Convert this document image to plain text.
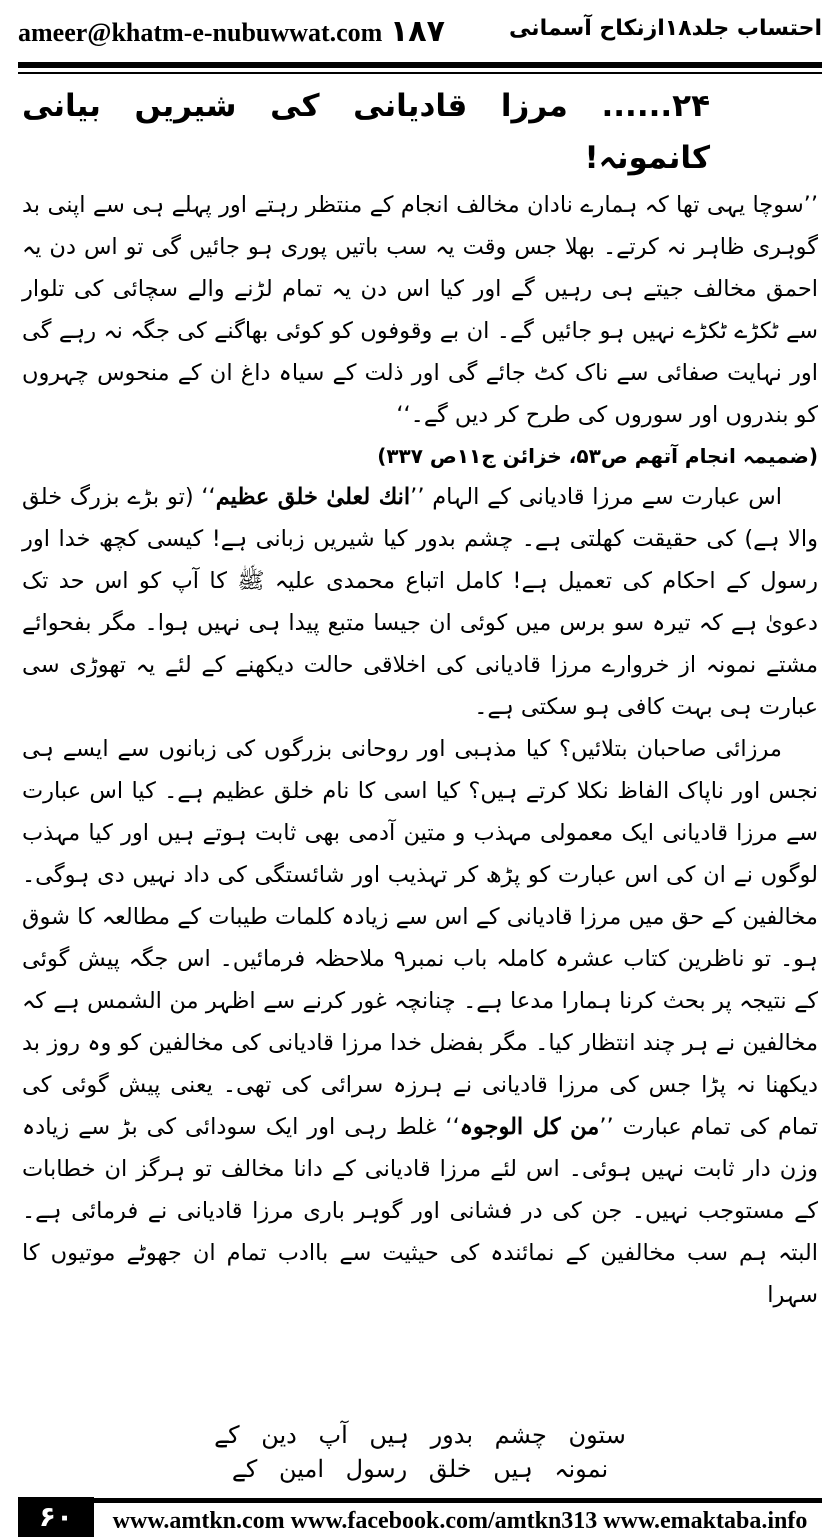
ameer@khatm-e-nubuwwat.com ۱۸۷	احتساب جلد۱۸ازنکاح آسمانی

۲۴...... مرزا قادیانی کی شیریں بیانی کانمونہ!

’’سوچا یہی تھا کہ ہمارے نادان مخالف انجام کے منتظر رہتے اور پہلے ہی سے اپنی بد گوہری ظاہر نہ کرتے۔ بھلا جس وقت یہ سب باتیں پوری ہو جائیں گی تو اس دن یہ احمق مخالف جیتے ہی رہیں گے اور کیا اس دن یہ تمام لڑنے والے سچائی کی تلوار سے ٹکڑے ٹکڑے نہیں ہو جائیں گے۔ ان بے وقوفوں کو کوئی بھاگنے کی جگہ نہ رہے گی اور نہایت صفائی سے ناک کٹ جائے گی اور ذلت کے سیاہ داغ ان کے منحوس چہروں کو بندروں اور سوروں کی طرح کر دیں گے۔‘‘

(ضمیمہ انجام آتھم ص۵۳، خزائن ج۱۱ص ۳۳۷)

اس عبارت سے مرزا قادیانی کے الہام ’’انك لعلیٰ خلق عظیم‘‘ (تو بڑے بزرگ خلق والا ہے) کی حقیقت کھلتی ہے۔ چشم بدور کیا شیریں زبانی ہے! کیسی کچھ خدا اور رسول کے احکام کی تعمیل ہے! کامل اتباع محمدی علیہ ﷺ کا آپ کو اس حد تک دعویٰ ہے کہ تیرہ سو برس میں کوئی ان جیسا متبع پیدا ہی نہیں ہوا۔ مگر بفحوائے مشتے نمونہ از خروارے مرزا قادیانی کی اخلاقی حالت دیکھنے کے لئے یہ تھوڑی سی عبارت ہی بہت کافی ہو سکتی ہے۔

مرزائی صاحبان بتلائیں؟ کیا مذہبی اور روحانی بزرگوں کی زبانوں سے ایسے ہی نجس اور ناپاک الفاظ نکلا کرتے ہیں؟ کیا اسی کا نام خلق عظیم ہے۔ کیا اس عبارت سے مرزا قادیانی ایک معمولی مہذب و متین آدمی بھی ثابت ہوتے ہیں اور کیا مہذب لوگوں نے ان کی اس عبارت کو پڑھ کر تہذیب اور شائستگی کی داد نہیں دی ہوگی۔ مخالفین کے حق میں مرزا قادیانی کے اس سے زیادہ کلمات طیبات کے مطالعہ کا شوق ہو۔ تو ناظرین کتاب عشرہ کاملہ باب نمبر۹ ملاحظہ فرمائیں۔ اس جگہ پیش گوئی کے نتیجہ پر بحث کرنا ہمارا مدعا ہے۔ چنانچہ غور کرنے سے اظہر من الشمس ہے کہ مخالفین نے ہر چند انتظار کیا۔ مگر بفضل خدا مرزا قادیانی کی مخالفین کو وہ روز بد دیکھنا نہ پڑا جس کی مرزا قادیانی نے ہرزہ سرائی کی تھی۔ یعنی پیش گوئی کی تمام کی تمام عبارت ’’من کل الوجوہ‘‘ غلط رہی اور ایک سودائی کی بڑ سے زیادہ وزن دار ثابت نہیں ہوئی۔ اس لئے مرزا قادیانی کے دانا مخالف تو ہرگز ان خطابات کے مستوجب نہیں۔ جن کی در فشانی اور گوہر باری مرزا قادیانی نے فرمائی ہے۔ البتہ ہم سب مخالفین کے نمائندہ کی حیثیت سے باادب تمام ان جھوٹے موتیوں کا سہرا

ستون چشم بدور ہیں آپ دین کے
نمونہ ہیں خلق رسول امین کے
۶۰	www.amtkn.com www.facebook.com/amtkn313 www.emaktaba.info
